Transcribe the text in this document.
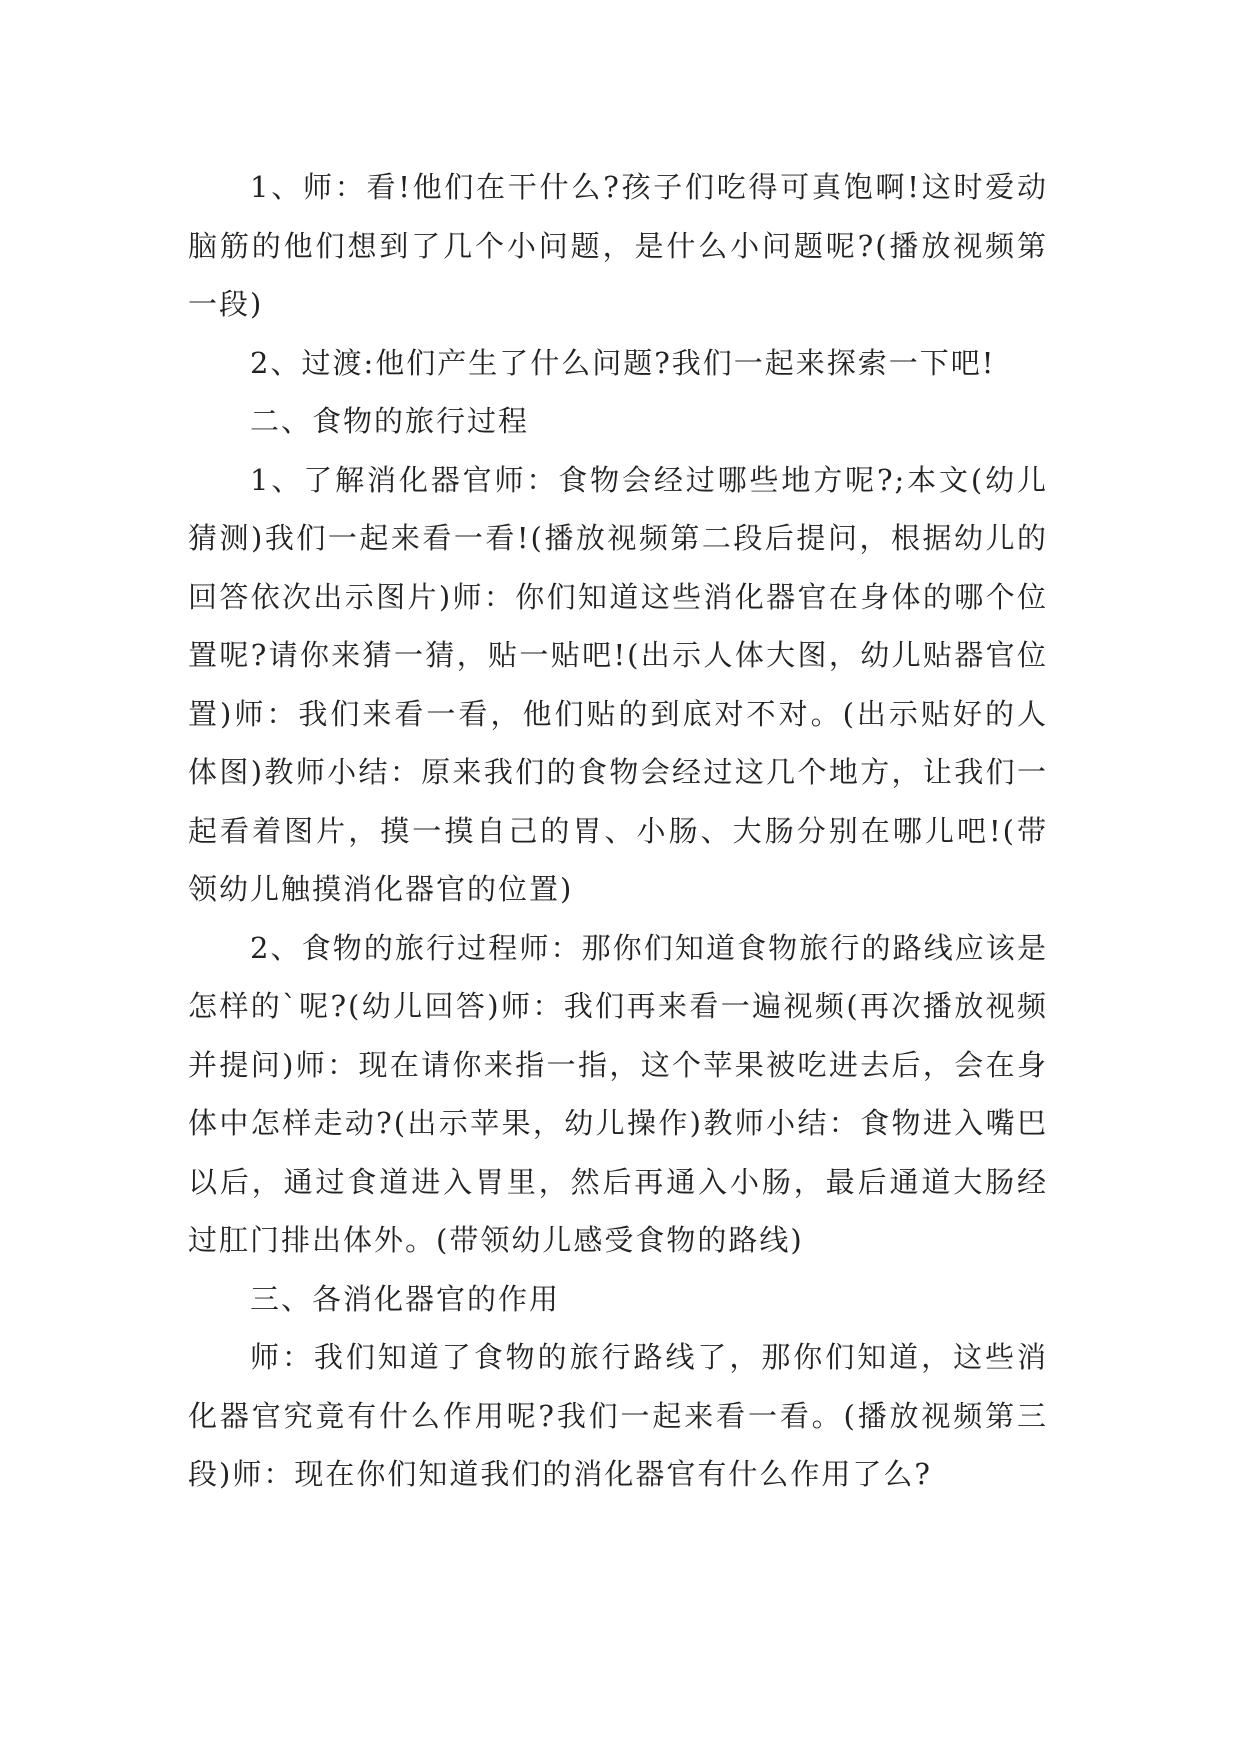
1、师：看!他们在干什么?孩子们吃得可真饱啊!这时爱动脑筋的他们想到了几个小问题，是什么小问题呢?(播放视频第一段)

2、过渡:他们产生了什么问题?我们一起来探索一下吧!

二、食物的旅行过程

1、了解消化器官师：食物会经过哪些地方呢?;本文(幼儿猜测)我们一起来看一看!(播放视频第二段后提问，根据幼儿的回答依次出示图片)师：你们知道这些消化器官在身体的哪个位置呢?请你来猜一猜，贴一贴吧!(出示人体大图，幼儿贴器官位置)师：我们来看一看，他们贴的到底对不对。(出示贴好的人体图)教师小结：原来我们的食物会经过这几个地方，让我们一起看着图片，摸一摸自己的胃、小肠、大肠分别在哪儿吧!(带领幼儿触摸消化器官的位置)

2、食物的旅行过程师：那你们知道食物旅行的路线应该是怎样的`呢?(幼儿回答)师：我们再来看一遍视频(再次播放视频并提问)师：现在请你来指一指，这个苹果被吃进去后，会在身体中怎样走动?(出示苹果，幼儿操作)教师小结：食物进入嘴巴以后，通过食道进入胃里，然后再通入小肠，最后通道大肠经过肛门排出体外。(带领幼儿感受食物的路线)

三、各消化器官的作用

师：我们知道了食物的旅行路线了，那你们知道，这些消化器官究竟有什么作用呢?我们一起来看一看。(播放视频第三段)师：现在你们知道我们的消化器官有什么作用了么?
